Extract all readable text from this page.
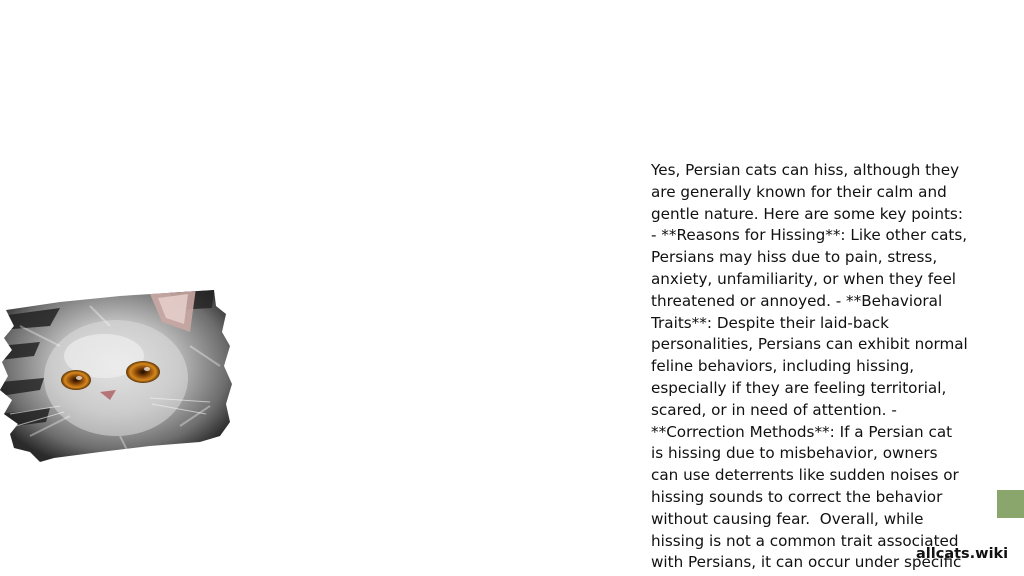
Yes, Persian cats can hiss, although they are generally known for their calm and gentle nature. Here are some key points:  - **Reasons for Hissing**: Like other cats, Persians may hiss due to pain, stress, anxiety, unfamiliarity, or when they feel threatened or annoyed. - **Behavioral Traits**: Despite their laid-back personalities, Persians can exhibit normal feline behaviors, including hissing, especially if they are feeling territorial, scared, or in need of attention. - **Correction Methods**: If a Persian cat is hissing due to misbehavior, owners can use deterrents like sudden noises or hissing sounds to correct the behavior without causing fear.  Overall, while hissing is not a common trait associated with Persians, it can occur under specific
allcats.wiki
